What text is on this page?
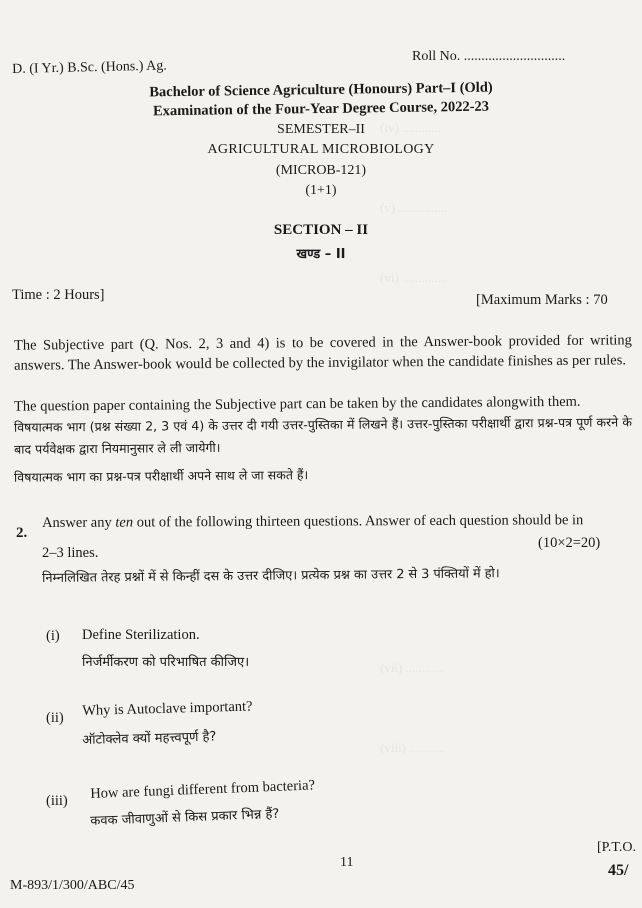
(iv) ............
(v) ...............
(vi) ..............
(vii) ............
(viii) ...........
Roll No. .............................
D. (I Yr.) B.Sc. (Hons.) Ag.
Bachelor of Science Agriculture (Honours) Part–I (Old)
Examination of the Four-Year Degree Course, 2022-23
SEMESTER–II
AGRICULTURAL MICROBIOLOGY
(MICROB-121)
(1+1)
SECTION – II
खण्ड – II
Time : 2 Hours]	[Maximum Marks : 70
The Subjective part (Q. Nos. 2, 3 and 4) is to be covered in the Answer-book provided for writing answers. The Answer-book would be collected by the invigilator when the candidate finishes as per rules.
The question paper containing the Subjective part can be taken by the candidates alongwith them.
विषयात्मक भाग (प्रश्न संख्या 2, 3 एवं 4) के उत्तर दी गयी उत्तर-पुस्तिका में लिखने हैं। उत्तर-पुस्तिका परीक्षार्थी द्वारा प्रश्न-पत्र पूर्ण करने के बाद पर्यवेक्षक द्वारा नियमानुसार ले ली जायेगी।
विषयात्मक भाग का प्रश्न-पत्र परीक्षार्थी अपने साथ ले जा सकते हैं।
2.
Answer any ten out of the following thirteen questions. Answer of each question should be in
2–3 lines.
(10×2=20)
निम्नलिखित तेरह प्रश्नों में से किन्हीं दस के उत्तर दीजिए। प्रत्येक प्रश्न का उत्तर 2 से 3 पंक्तियों में हो।
(i) Define Sterilization.
निर्जर्मीकरण को परिभाषित कीजिए।
(ii) Why is Autoclave important?
ऑटोक्लेव क्यों महत्त्वपूर्ण है?
(iii) How are fungi different from bacteria?
कवक जीवाणुओं से किस प्रकार भिन्न हैं?
11
[P.T.O.
M-893/1/300/ABC/45
45/
